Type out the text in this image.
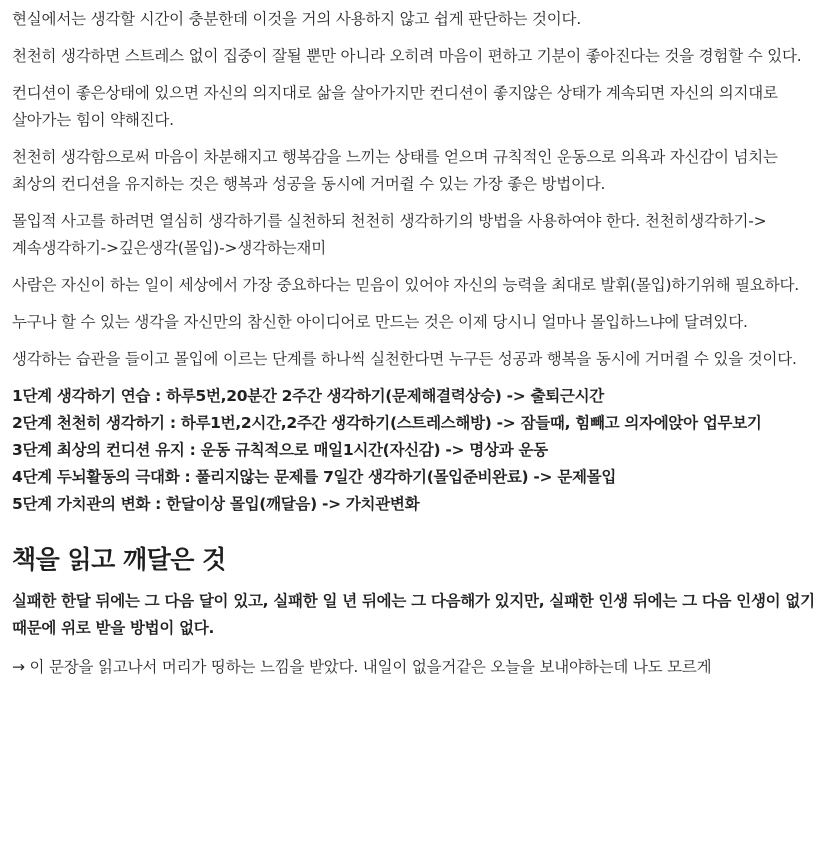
현실에서는 생각할 시간이 충분한데 이것을 거의 사용하지 않고 쉽게 판단하는 것이다.

천천히 생각하면 스트레스 없이 집중이 잘될 뿐만 아니라 오히려 마음이 편하고 기분이 좋아진다는 것을 경험할 수 있다.

컨디션이 좋은상태에 있으면 자신의 의지대로 삶을 살아가지만 컨디션이 좋지않은 상태가 계속되면 자신의 의지대로 살아가는 힘이 약해진다.

천천히 생각함으로써 마음이 차분해지고 행복감을 느끼는 상태를 얻으며 규칙적인 운동으로 의욕과 자신감이 넘치는 최상의 컨디션을 유지하는 것은 행복과 성공을 동시에 거머쥘 수 있는 가장 좋은 방법이다.

몰입적 사고를 하려면 열심히 생각하기를 실천하되 천천히 생각하기의 방법을 사용하여야 한다. 천천히생각하기->계속생각하기->깊은생각(몰입)->생각하는재미

사람은 자신이 하는 일이 세상에서 가장 중요하다는 믿음이 있어야 자신의 능력을 최대로 발휘(몰입)하기위해 필요하다.

누구나 할 수 있는 생각을 자신만의 참신한 아이디어로 만드는 것은 이제 당시니 얼마나 몰입하느냐에 달려있다.

생각하는 습관을 들이고 몰입에 이르는 단계를 하나씩 실천한다면 누구든 성공과 행복을 동시에 거머쥘 수 있을 것이다.

1단계 생각하기 연습 : 하루5번,20분간 2주간 생각하기(문제해결력상승) -> 출퇴근시간
2단계 천천히 생각하기 : 하루1번,2시간,2주간 생각하기(스트레스해방) -> 잠들때, 힘빼고 의자에앉아 업무보기
3단계 최상의 컨디션 유지 : 운동 규칙적으로 매일1시간(자신감) -> 명상과 운동
4단계 두뇌활동의 극대화 : 풀리지않는 문제를 7일간 생각하기(몰입준비완료) -> 문제몰입
5단계 가치관의 변화 : 한달이상 몰입(깨달음) -> 가치관변화
책을 읽고 깨달은 것

실패한 한달 뒤에는 그 다음 달이 있고, 실패한 일 년 뒤에는 그 다음해가 있지만, 실패한 인생 뒤에는 그 다음 인생이 없기 때문에 위로 받을 방법이 없다.

→ 이 문장을 읽고나서 머리가 띵하는 느낌을 받았다. 내일이 없을거같은 오늘을 보내야하는데 나도 모르게
